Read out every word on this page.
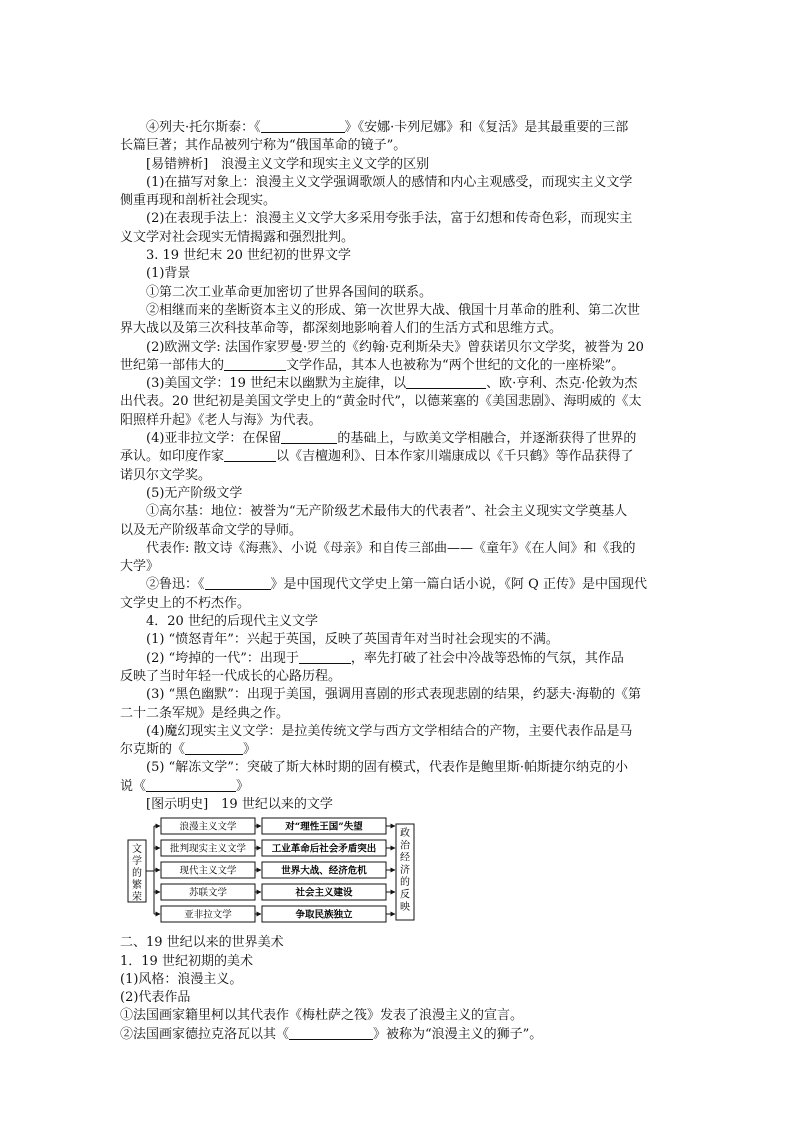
④列夫·托尔斯泰：《	》《安娜·卡列尼娜》和《复活》是其最重要的三部
长篇巨著；其作品被列宁称为“俄国革命的镜子”。
[易错辨析]　浪漫主义文学和现实主义文学的区别
(1)在描写对象上：浪漫主义文学强调歌颂人的感情和内心主观感受，而现实主义文学
侧重再现和剖析社会现实。
(2)在表现手法上：浪漫主义文学大多采用夸张手法，富于幻想和传奇色彩，而现实主
义文学对社会现实无情揭露和强烈批判。
3. 19 世纪末 20 世纪初的世界文学
(1)背景
①第二次工业革命更加密切了世界各国间的联系。
②相继而来的垄断资本主义的形成、第一次世界大战、俄国十月革命的胜利、第二次世
界大战以及第三次科技革命等，都深刻地影响着人们的生活方式和思维方式。
(2)欧洲文学: 法国作家罗曼·罗兰的《约翰·克利斯朵夫》曾获诺贝尔文学奖，被誉为 20
世纪第一部伟大的	文学作品，其本人也被称为“两个世纪的文化的一座桥梁”。
(3)美国文学：19 世纪末以幽默为主旋律，以	、欧·亨利、杰克·伦敦为杰
出代表。20 世纪初是美国文学史上的“黄金时代”，以德莱塞的《美国悲剧》、海明威的《太
阳照样升起》《老人与海》为代表。
(4)亚非拉文学：在保留	的基础上，与欧美文学相融合，并逐渐获得了世界的
承认。如印度作家	以《吉檀迦利》、日本作家川端康成以《千只鹤》等作品获得了
诺贝尔文学奖。
(5)无产阶级文学
①高尔基：地位：被誉为“无产阶级艺术最伟大的代表者”、社会主义现实文学奠基人
以及无产阶级革命文学的导师。
代表作: 散文诗《海燕》、小说《母亲》和自传三部曲——《童年》《在人间》和《我的
大学》
②鲁迅：《	》是中国现代文学史上第一篇白话小说，《阿 Q 正传》是中国现代
文学史上的不朽杰作。
4．20 世纪的后现代主义文学
(1) “愤怒青年”：兴起于英国，反映了英国青年对当时社会现实的不满。
(2) “垮掉的一代”：出现于	，率先打破了社会中冷战等恐怖的气氛，其作品
反映了当时年轻一代成长的心路历程。
(3) “黑色幽默”：出现于美国，强调用喜剧的形式表现悲剧的结果，约瑟夫·海勒的《第
二十二条军规》是经典之作。
(4)魔幻现实主义文学：是拉美传统文学与西方文学相结合的产物，主要代表作品是马
尔克斯的《	》
(5) “解冻文学”：突破了斯大林时期的固有模式，代表作是鲍里斯·帕斯捷尔纳克的小
说《	》
[图示明史]　19 世纪以来的文学
文
学
的
繁
荣
政
治
经
济
的
反
映
浪漫主义文学	对“理性王国”失望
批判现实主义文学	工业革命后社会矛盾突出
现代主义文学	世界大战、经济危机
苏联文学	社会主义建设
亚非拉文学	争取民族独立
二、19 世纪以来的世界美术
1．19 世纪初期的美术
(1)风格：浪漫主义。
(2)代表作品
①法国画家籍里柯以其代表作《梅杜萨之筏》发表了浪漫主义的宣言。
②法国画家德拉克洛瓦以其《	》被称为“浪漫主义的狮子”。
